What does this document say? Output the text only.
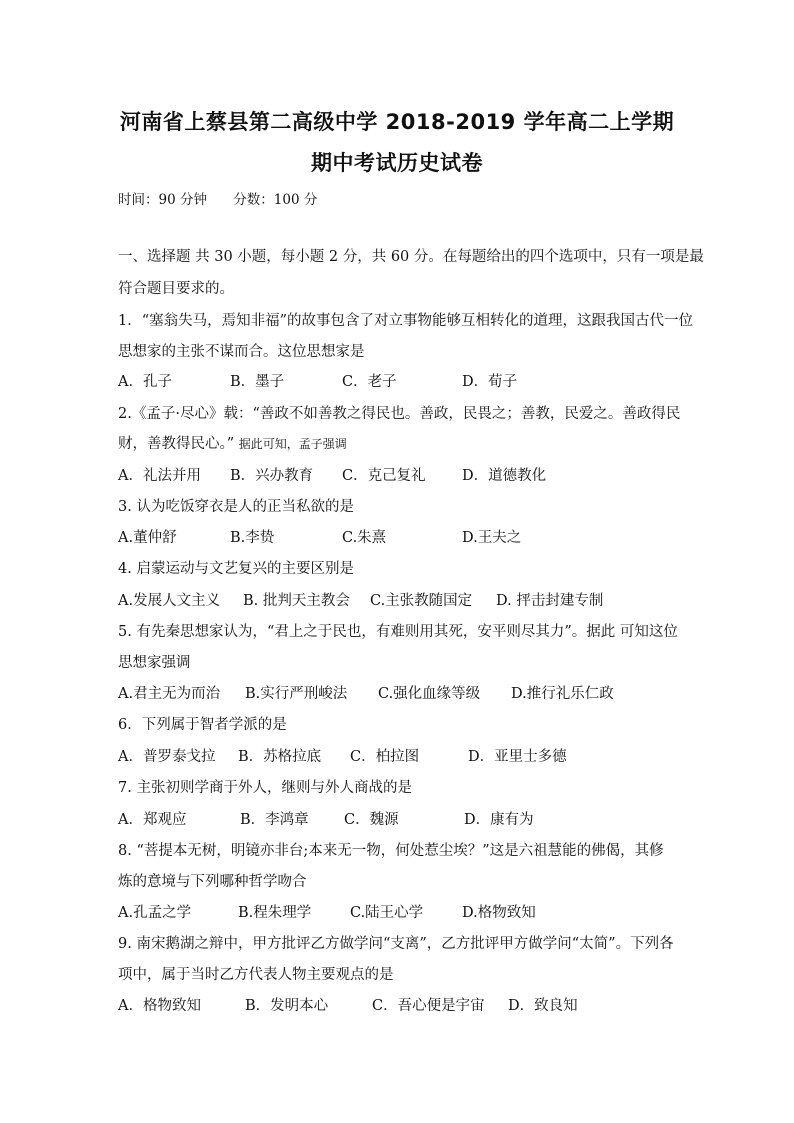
河南省上蔡县第二高级中学 2018-2019 学年高二上学期
期中考试历史试卷
时间：90 分钟 分数：100 分
一、选择题 共 30 小题，每小题 2 分，共 60 分。在每题给出的四个选项中，只有一项是最
符合题目要求的。
1．“塞翁失马，焉知非福”的故事包含了对立事物能够互相转化的道理，这跟我国古代一位
思想家的主张不谋而合。这位思想家是
A．孔子	B．墨子	C．老子	D．荀子
2.《孟子·尽心》载：“善政不如善教之得民也。善政，民畏之；善教，民爱之。善政得民
财，善教得民心。” 据此可知，孟子强调
A．礼法并用 B．兴办教育 C．克己复礼	D．道德教化
3. 认为吃饭穿衣是人的正当私欲的是
A.董仲舒	B.李贽	C.朱熹	D.王夫之
4. 启蒙运动与文艺复兴的主要区别是
A.发展人文主义 B. 批判天主教会 C.主张教随国定 D. 抨击封建专制
5. 有先秦思想家认为，“君上之于民也，有难则用其死，安平则尽其力”。据此 可知这位
思想家强调
A.君主无为而治 B.实行严刑峻法 C.强化血缘等级 D.推行礼乐仁政
6．下列属于智者学派的是
A．普罗泰戈拉 B．苏格拉底 C．柏拉图	D．亚里士多德
7. 主张初则学商于外人，继则与外人商战的是
A．郑观应	B．李鸿章 C．魏源	D．康有为
8. “菩提本无树，明镜亦非台;本来无一物，何处惹尘埃？”这是六祖慧能的佛偈，其修
炼的意境与下列哪种哲学吻合
A.孔孟之学	B.程朱理学	C.陆王心学	D.格物致知
9. 南宋鹅湖之辩中，甲方批评乙方做学问“支离”，乙方批评甲方做学问“太简”。下列各
项中，属于当时乙方代表人物主要观点的是
A．格物致知	B．发明本心	C．吾心便是宇宙 D．致良知
